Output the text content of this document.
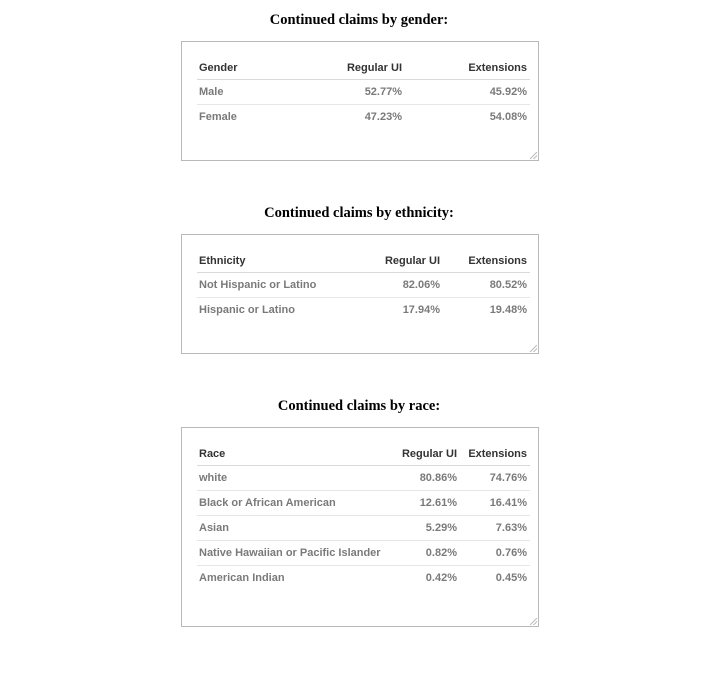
Continued claims by gender:
Gender	Regular UI	Extensions
Male	52.77%	45.92%
Female	47.23%	54.08%
Continued claims by ethnicity:
Ethnicity	Regular UI	Extensions
Not Hispanic or Latino	82.06%	80.52%
Hispanic or Latino	17.94%	19.48%
Continued claims by race:
Race	Regular UI	Extensions
white	80.86%	74.76%
Black or African American	12.61%	16.41%
Asian	5.29%	7.63%
Native Hawaiian or Pacific Islander	0.82%	0.76%
American Indian	0.42%	0.45%
